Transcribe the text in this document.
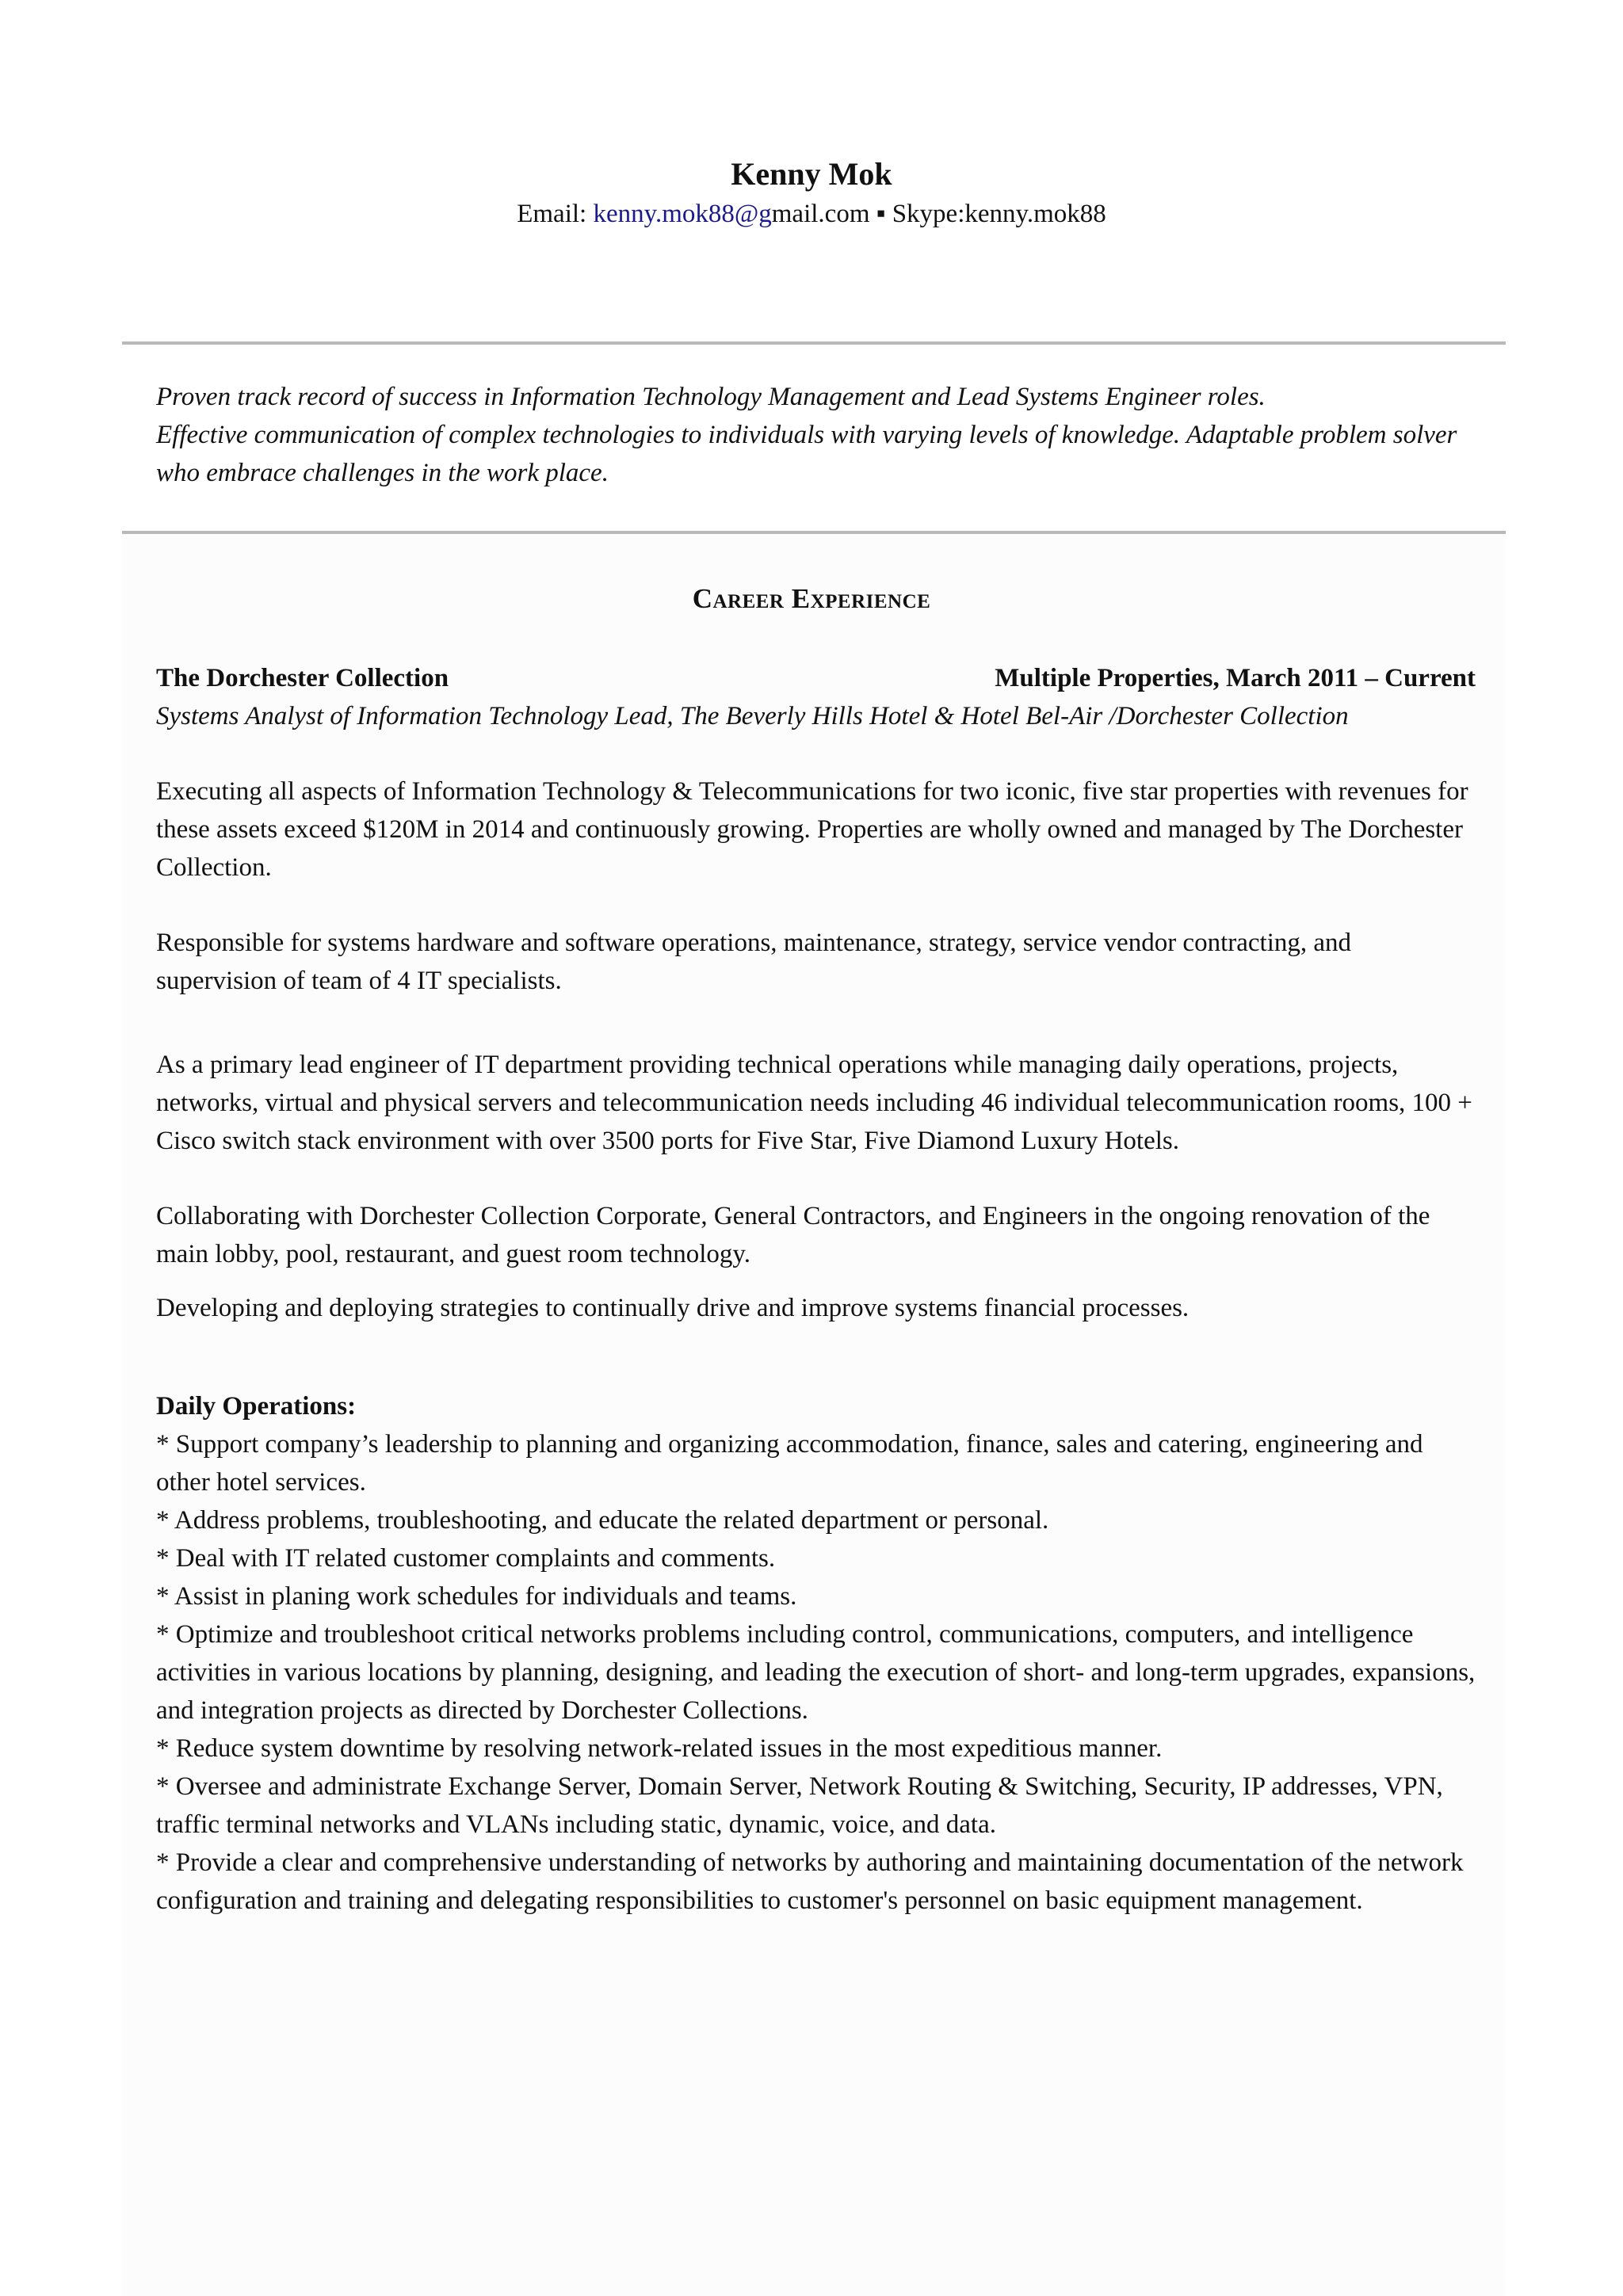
Kenny Mok
Email: kenny.mok88@gmail.com ▪ Skype:kenny.mok88

Proven track record of success in Information Technology Management and Lead Systems Engineer roles.

Effective communication of complex technologies to individuals with varying levels of knowledge. Adaptable problem solver who embrace challenges in the work place.

Career Experience
The Dorchester Collection	Multiple Properties, March 2011 – Current
Systems Analyst of Information Technology Lead, The Beverly Hills Hotel & Hotel Bel-Air /Dorchester Collection

Executing all aspects of Information Technology & Telecommunications for two iconic, five star properties with revenues for these assets exceed $120M in 2014 and continuously growing. Properties are wholly owned and managed by The Dorchester Collection.

Responsible for systems hardware and software operations, maintenance, strategy, service vendor contracting, and supervision of team of 4 IT specialists.

As a primary lead engineer of IT department providing technical operations while managing daily operations, projects, networks, virtual and physical servers and telecommunication needs including 46 individual telecommunication rooms, 100 + Cisco switch stack environment with over 3500 ports for Five Star, Five Diamond Luxury Hotels.

Collaborating with Dorchester Collection Corporate, General Contractors, and Engineers in the ongoing renovation of the main lobby, pool, restaurant, and guest room technology.

Developing and deploying strategies to continually drive and improve systems financial processes.

Daily Operations:
* Support company’s leadership to planning and organizing accommodation, finance, sales and catering, engineering and other hotel services.
* Address problems, troubleshooting, and educate the related department or personal.
* Deal with IT related customer complaints and comments.
* Assist in planing work schedules for individuals and teams.
* Optimize and troubleshoot critical networks problems including control, communications, computers, and intelligence activities in various locations by planning, designing, and leading the execution of short- and long-term upgrades, expansions, and integration projects as directed by Dorchester Collections.
* Reduce system downtime by resolving network-related issues in the most expeditious manner.
* Oversee and administrate Exchange Server, Domain Server, Network Routing & Switching, Security, IP addresses, VPN, traffic terminal networks and VLANs including static, dynamic, voice, and data.
* Provide a clear and comprehensive understanding of networks by authoring and maintaining documentation of the network configuration and training and delegating responsibilities to customer's personnel on basic equipment management.
